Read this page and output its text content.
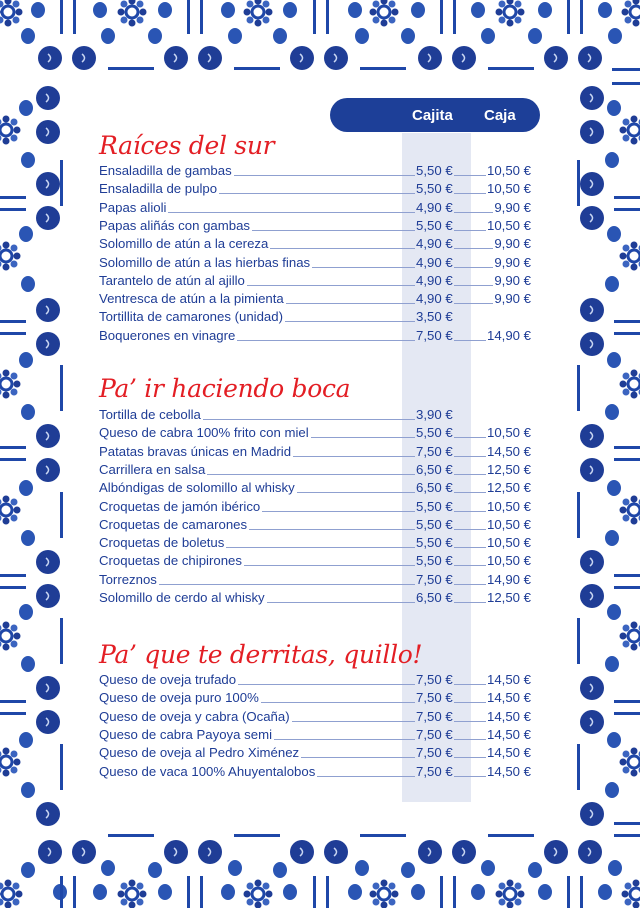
Cajita Caja
Raíces del sur
Ensaladilla de gambas	5,50 €	10,50 €
Ensaladilla de pulpo	5,50 €	10,50 €
Papas alioli	4,90 €	9,90 €
Papas aliñás con gambas	5,50 €	10,50 €
Solomillo de atún a la cereza	4,90 €	9,90 €
Solomillo de atún a las hierbas finas	4,90 €	9,90 €
Tarantelo de atún al ajillo	4,90 €	9,90 €
Ventresca de atún a la pimienta	4,90 €	9,90 €
Tortillita de camarones (unidad)	3,50 €
Boquerones en vinagre	7,50 €	14,90 €
Pa’ ir haciendo boca
Tortilla de cebolla	3,90 €
Queso de cabra 100% frito con miel	5,50 €	10,50 €
Patatas bravas únicas en Madrid	7,50 €	14,50 €
Carrillera en salsa	6,50 €	12,50 €
Albóndigas de solomillo al whisky	6,50 €	12,50 €
Croquetas de jamón ibérico	5,50 €	10,50 €
Croquetas de camarones	5,50 €	10,50 €
Croquetas de boletus	5,50 €	10,50 €
Croquetas de chipirones	5,50 €	10,50 €
Torreznos	7,50 €	14,90 €
Solomillo de cerdo al whisky	6,50 €	12,50 €
Pa’ que te derritas, quillo!
Queso de oveja trufado	7,50 €	14,50 €
Queso de oveja puro 100%	7,50 €	14,50 €
Queso de oveja y cabra (Ocaña)	7,50 €	14,50 €
Queso de cabra Payoya semi	7,50 €	14,50 €
Queso de oveja al Pedro Ximénez	7,50 €	14,50 €
Queso de vaca 100% Ahuyentalobos	7,50 €	14,50 €
